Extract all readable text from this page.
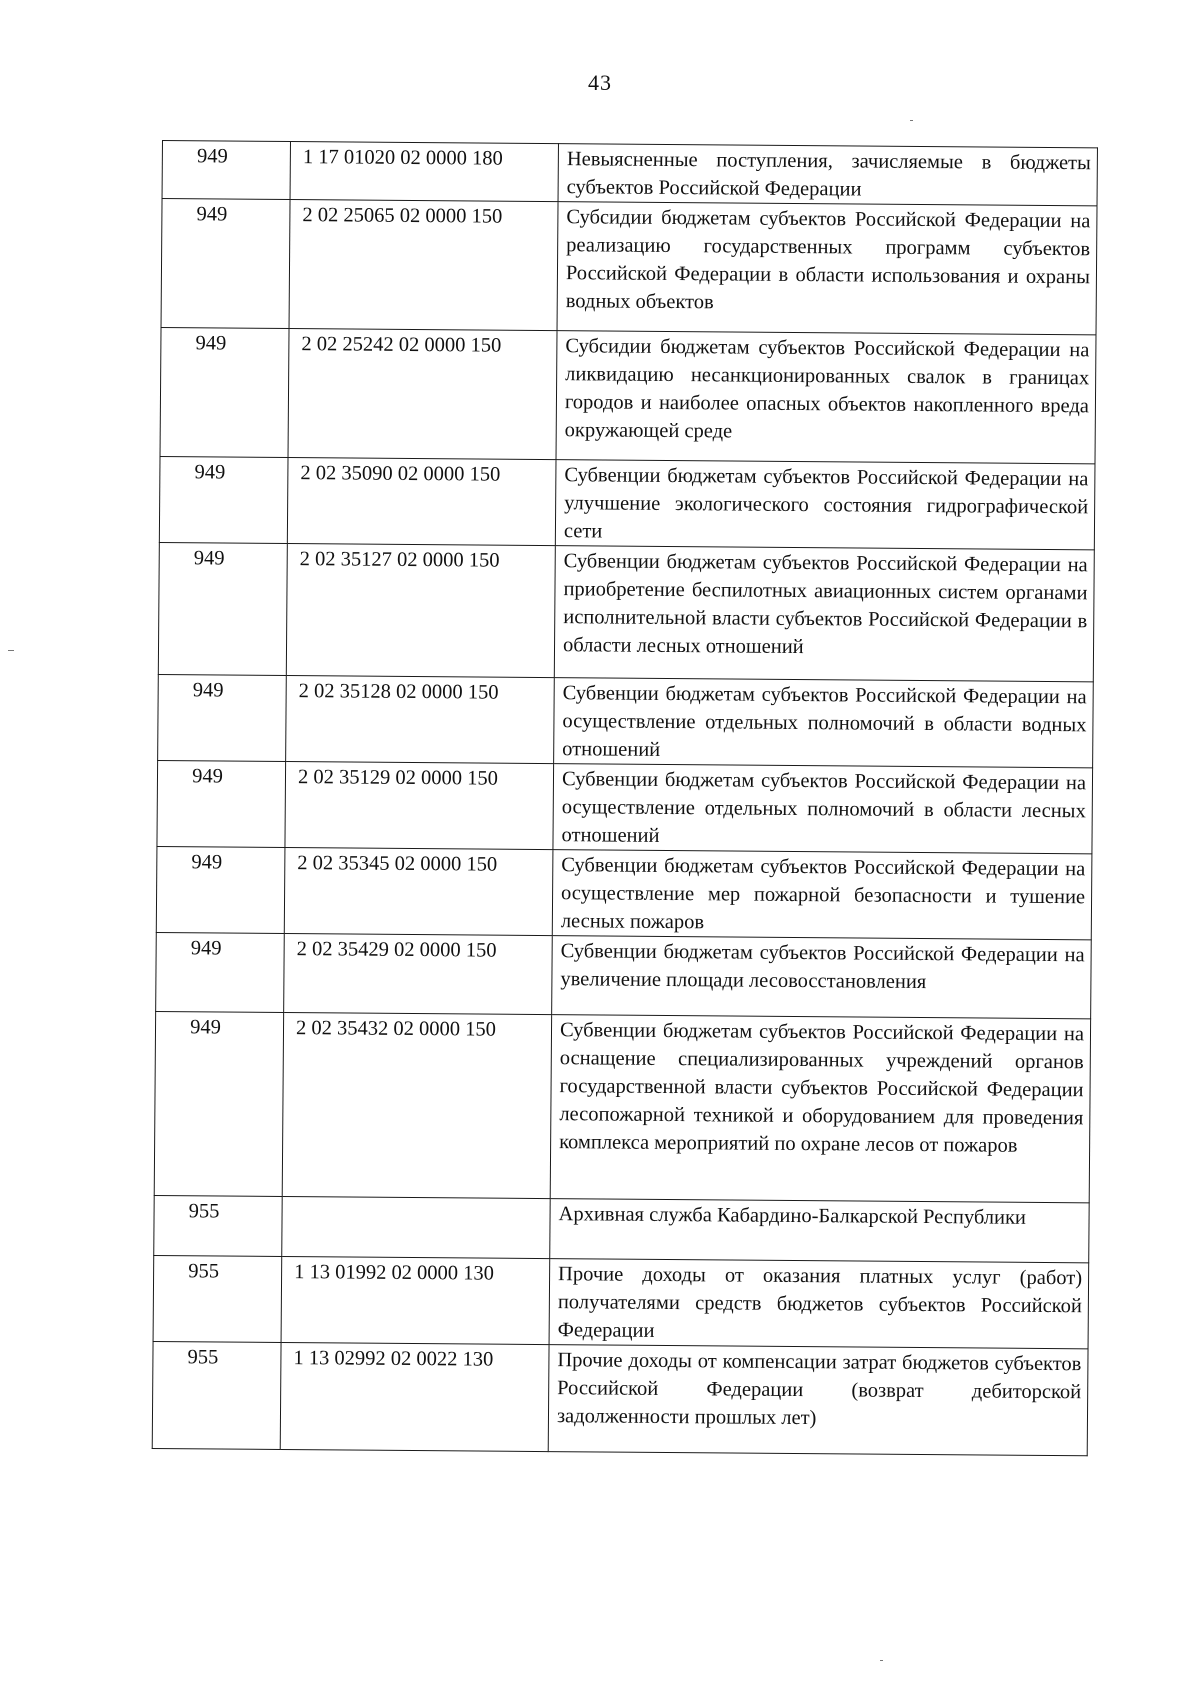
43
949	1 17 01020 02 0000 180	Невыясненные поступления, зачисляемые в бюджеты субъектов Российской Федерации
949	2 02 25065 02 0000 150	Субсидии бюджетам субъектов Российской Федерации на реализацию государственных программ субъектов Российской Федерации в области использования и охраны водных объектов
949	2 02 25242 02 0000 150	Субсидии бюджетам субъектов Российской Федерации на ликвидацию несанкционированных свалок в границах городов и наиболее опасных объектов накопленного вреда окружающей среде
949	2 02 35090 02 0000 150	Субвенции бюджетам субъектов Российской Федерации на улучшение экологического состояния гидрографической сети
949	2 02 35127 02 0000 150	Субвенции бюджетам субъектов Российской Федерации на приобретение беспилотных авиационных систем органами исполнительной власти субъектов Российской Федерации в области лесных отношений
949	2 02 35128 02 0000 150	Субвенции бюджетам субъектов Российской Федерации на осуществление отдельных полномочий в области водных отношений
949	2 02 35129 02 0000 150	Субвенции бюджетам субъектов Российской Федерации на осуществление отдельных полномочий в области лесных отношений
949	2 02 35345 02 0000 150	Субвенции бюджетам субъектов Российской Федерации на осуществление мер пожарной безопасности и тушение лесных пожаров
949	2 02 35429 02 0000 150	Субвенции бюджетам субъектов Российской Федерации на увеличение площади лесовосстановления
949	2 02 35432 02 0000 150	Субвенции бюджетам субъектов Российской Федерации на оснащение специализированных учреждений органов государственной власти субъектов Российской Федерации лесопожарной техникой и оборудованием для проведения комплекса мероприятий по охране лесов от пожаров
955		Архивная служба Кабардино-Балкарской Республики
955	1 13 01992 02 0000 130	Прочие доходы от оказания платных услуг (работ) получателями средств бюджетов субъектов Российской Федерации
955	1 13 02992 02 0022 130	Прочие доходы от компенсации затрат бюджетов субъектов Российской Федерации (возврат дебиторской задолженности прошлых лет)
